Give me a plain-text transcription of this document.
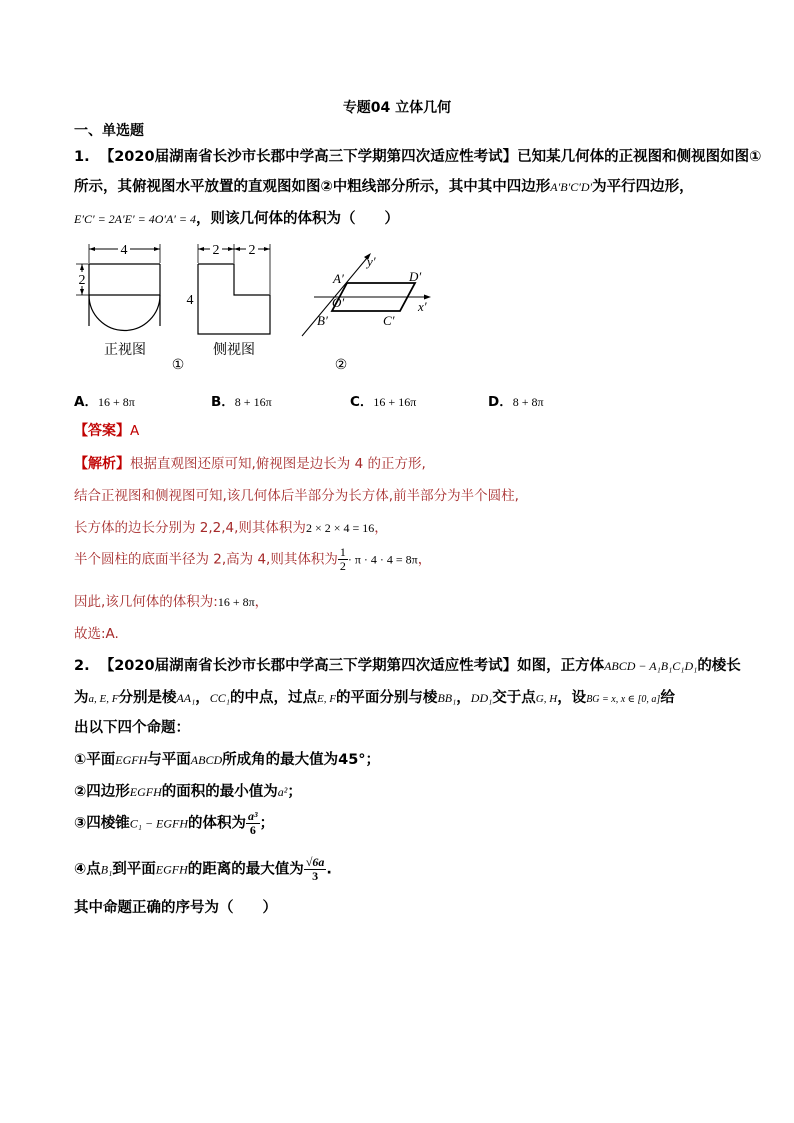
专题04 立体几何
一、单选题
1. 【2020届湖南省长沙市长郡中学高三下学期第四次适应性考试】已知某几何体的正视图和侧视图如图①
所示，其俯视图水平放置的直观图如图②中粗线部分所示，其中其中四边形A′B′C′D′为平行四边形，
E′C′ = 2A′E′ = 4O′A′ = 4，则该几何体的体积为（　　）
4
2
正视图
2 2
4
侧视图
①
y′
x′
A′	D′
O′
B′	C′
②
A．16 + 8π	B．8 + 16π	C．16 + 16π	D．8 + 8π
【答案】A
【解析】根据直观图还原可知,俯视图是边长为 4 的正方形,
结合正视图和侧视图可知,该几何体后半部分为长方体,前半部分为半个圆柱,
长方体的边长分别为 2,2,4,则其体积为2 × 2 × 4 = 16，
半个圆柱的底面半径为 2,高为 4,则其体积为 $\frac{1}{2} \cdot \pi \cdot 4 \cdot 4 = 8\pi$，
因此,该几何体的体积为:16 + 8π，
故选:A.
2. 【2020届湖南省长沙市长郡中学高三下学期第四次适应性考试】如图，正方体ABCD − A₁B₁C₁D₁的棱长
为a, E, F分别是棱AA₁，CC₁的中点，过点E, F的平面分别与棱BB₁，DD₁交于点G, H，设BG = x, x ∈ [0, a]给
出以下四个命题：
①平面EGFH与平面ABCD所成角的最大值为45°；
②四边形EGFH的面积的最小值为a²；
③四棱锥C₁ − EGFH的体积为 $\frac{\text{a³}}{6}$ ；
④点B₁到平面EGFH的距离的最大值为 $\frac{√6a}{3}$ .
其中命题正确的序号为（　　）
